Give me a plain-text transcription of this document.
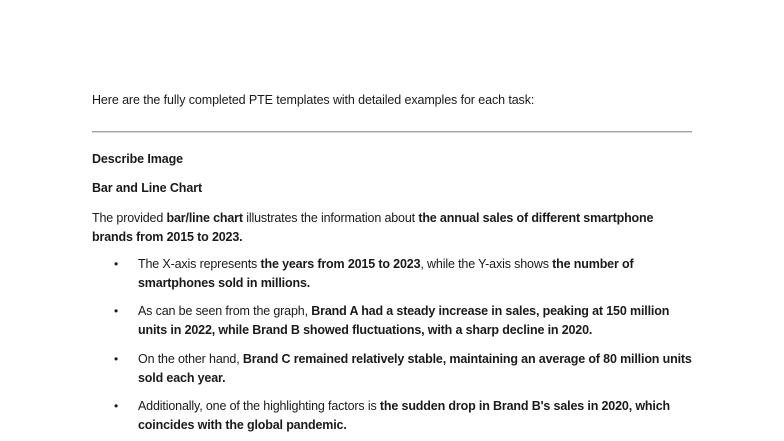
Here are the fully completed PTE templates with detailed examples for each task:
Describe Image
Bar and Line Chart
The provided bar/line chart illustrates the information about the annual sales of different smartphone brands from 2015 to 2023.
• The X-axis represents the years from 2015 to 2023, while the Y-axis shows the number of smartphones sold in millions.
• As can be seen from the graph, Brand A had a steady increase in sales, peaking at 150 million units in 2022, while Brand B showed fluctuations, with a sharp decline in 2020.
• On the other hand, Brand C remained relatively stable, maintaining an average of 80 million units sold each year.
• Additionally, one of the highlighting factors is the sudden drop in Brand B's sales in 2020, which coincides with the global pandemic.
